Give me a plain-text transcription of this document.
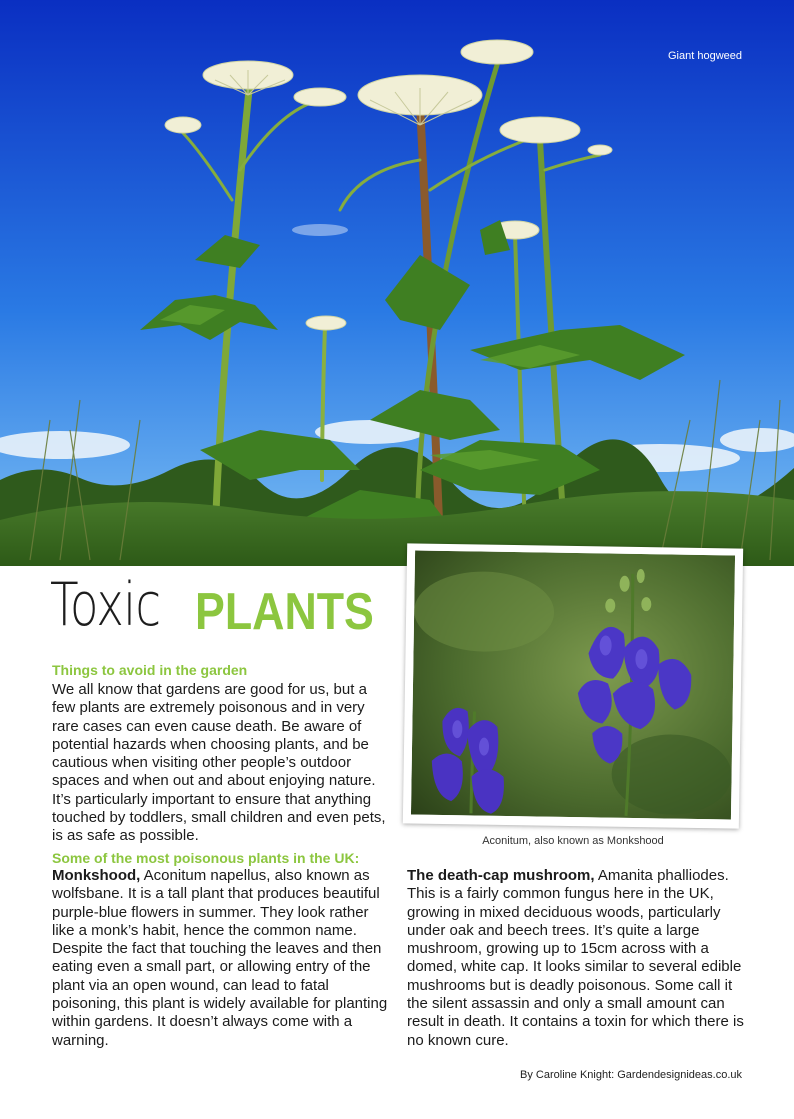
Giant hogweed
Toxic PLANTS
Things to avoid in the garden
We all know that gardens are good for us, but a few plants are extremely poisonous and in very rare cases can even cause death. Be aware of potential hazards when choosing plants, and be cautious when visiting other people’s outdoor spaces and when out and about enjoying nature. It’s particularly important to ensure that anything touched by toddlers, small children and even pets, is as safe as possible.
Some of the most poisonous plants in the UK:
Monkshood, Aconitum napellus, also known as wolfsbane. It is a tall plant that produces beautiful purple-blue flowers in summer. They look rather like a monk’s habit, hence the common name. Despite the fact that touching the leaves and then eating even a small part, or allowing entry of the plant via an open wound, can lead to fatal poisoning, this plant is widely available for planting within gardens. It doesn’t always come with a warning.
Aconitum, also known as Monkshood
The death-cap mushroom, Amanita phalliodes. This is a fairly common fungus here in the UK, growing in mixed deciduous woods, particularly under oak and beech trees. It’s quite a large mushroom, growing up to 15cm across with a domed, white cap. It looks similar to several edible mushrooms but is deadly poisonous. Some call it the silent assassin and only a small amount can result in death. It contains a toxin for which there is no known cure.
By Caroline Knight: Gardendesignideas.co.uk
